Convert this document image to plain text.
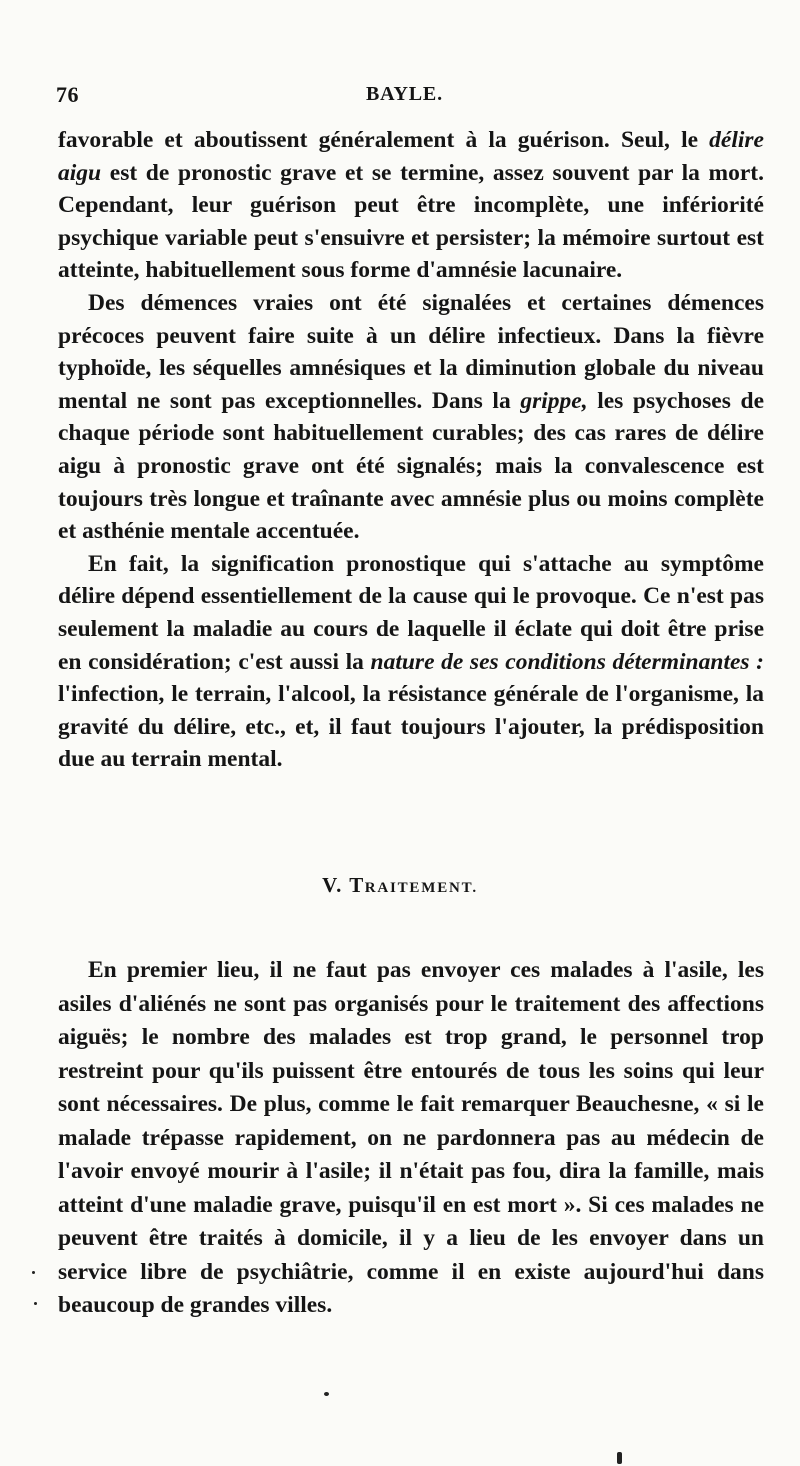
76	BAYLE.

favorable et aboutissent généralement à la guérison. Seul, le délire aigu est de pronostic grave et se termine, assez souvent par la mort. Cependant, leur guérison peut être incomplète, une infériorité psychique variable peut s'ensuivre et persister; la mémoire surtout est atteinte, habituellement sous forme d'amnésie lacunaire.

Des démences vraies ont été signalées et certaines démences précoces peuvent faire suite à un délire infectieux. Dans la fièvre typhoïde, les séquelles amnésiques et la diminution globale du niveau mental ne sont pas exceptionnelles. Dans la grippe, les psychoses de chaque période sont habituellement curables; des cas rares de délire aigu à pronostic grave ont été signalés; mais la convalescence est toujours très longue et traînante avec amnésie plus ou moins complète et asthénie mentale accentuée.

En fait, la signification pronostique qui s'attache au symptôme délire dépend essentiellement de la cause qui le provoque. Ce n'est pas seulement la maladie au cours de laquelle il éclate qui doit être prise en considération; c'est aussi la nature de ses conditions déterminantes : l'infection, le terrain, l'alcool, la résistance générale de l'organisme, la gravité du délire, etc., et, il faut toujours l'ajouter, la prédisposition due au terrain mental.

V. TRAITEMENT.

En premier lieu, il ne faut pas envoyer ces malades à l'asile, les asiles d'aliénés ne sont pas organisés pour le traitement des affections aiguës; le nombre des malades est trop grand, le personnel trop restreint pour qu'ils puissent être entourés de tous les soins qui leur sont nécessaires. De plus, comme le fait remarquer Beauchesne, « si le malade trépasse rapidement, on ne pardonnera pas au médecin de l'avoir envoyé mourir à l'asile; il n'était pas fou, dira la famille, mais atteint d'une maladie grave, puisqu'il en est mort ». Si ces malades ne peuvent être traités à domicile, il y a lieu de les envoyer dans un service libre de psychiâtrie, comme il en existe aujourd'hui dans beaucoup de grandes villes.
